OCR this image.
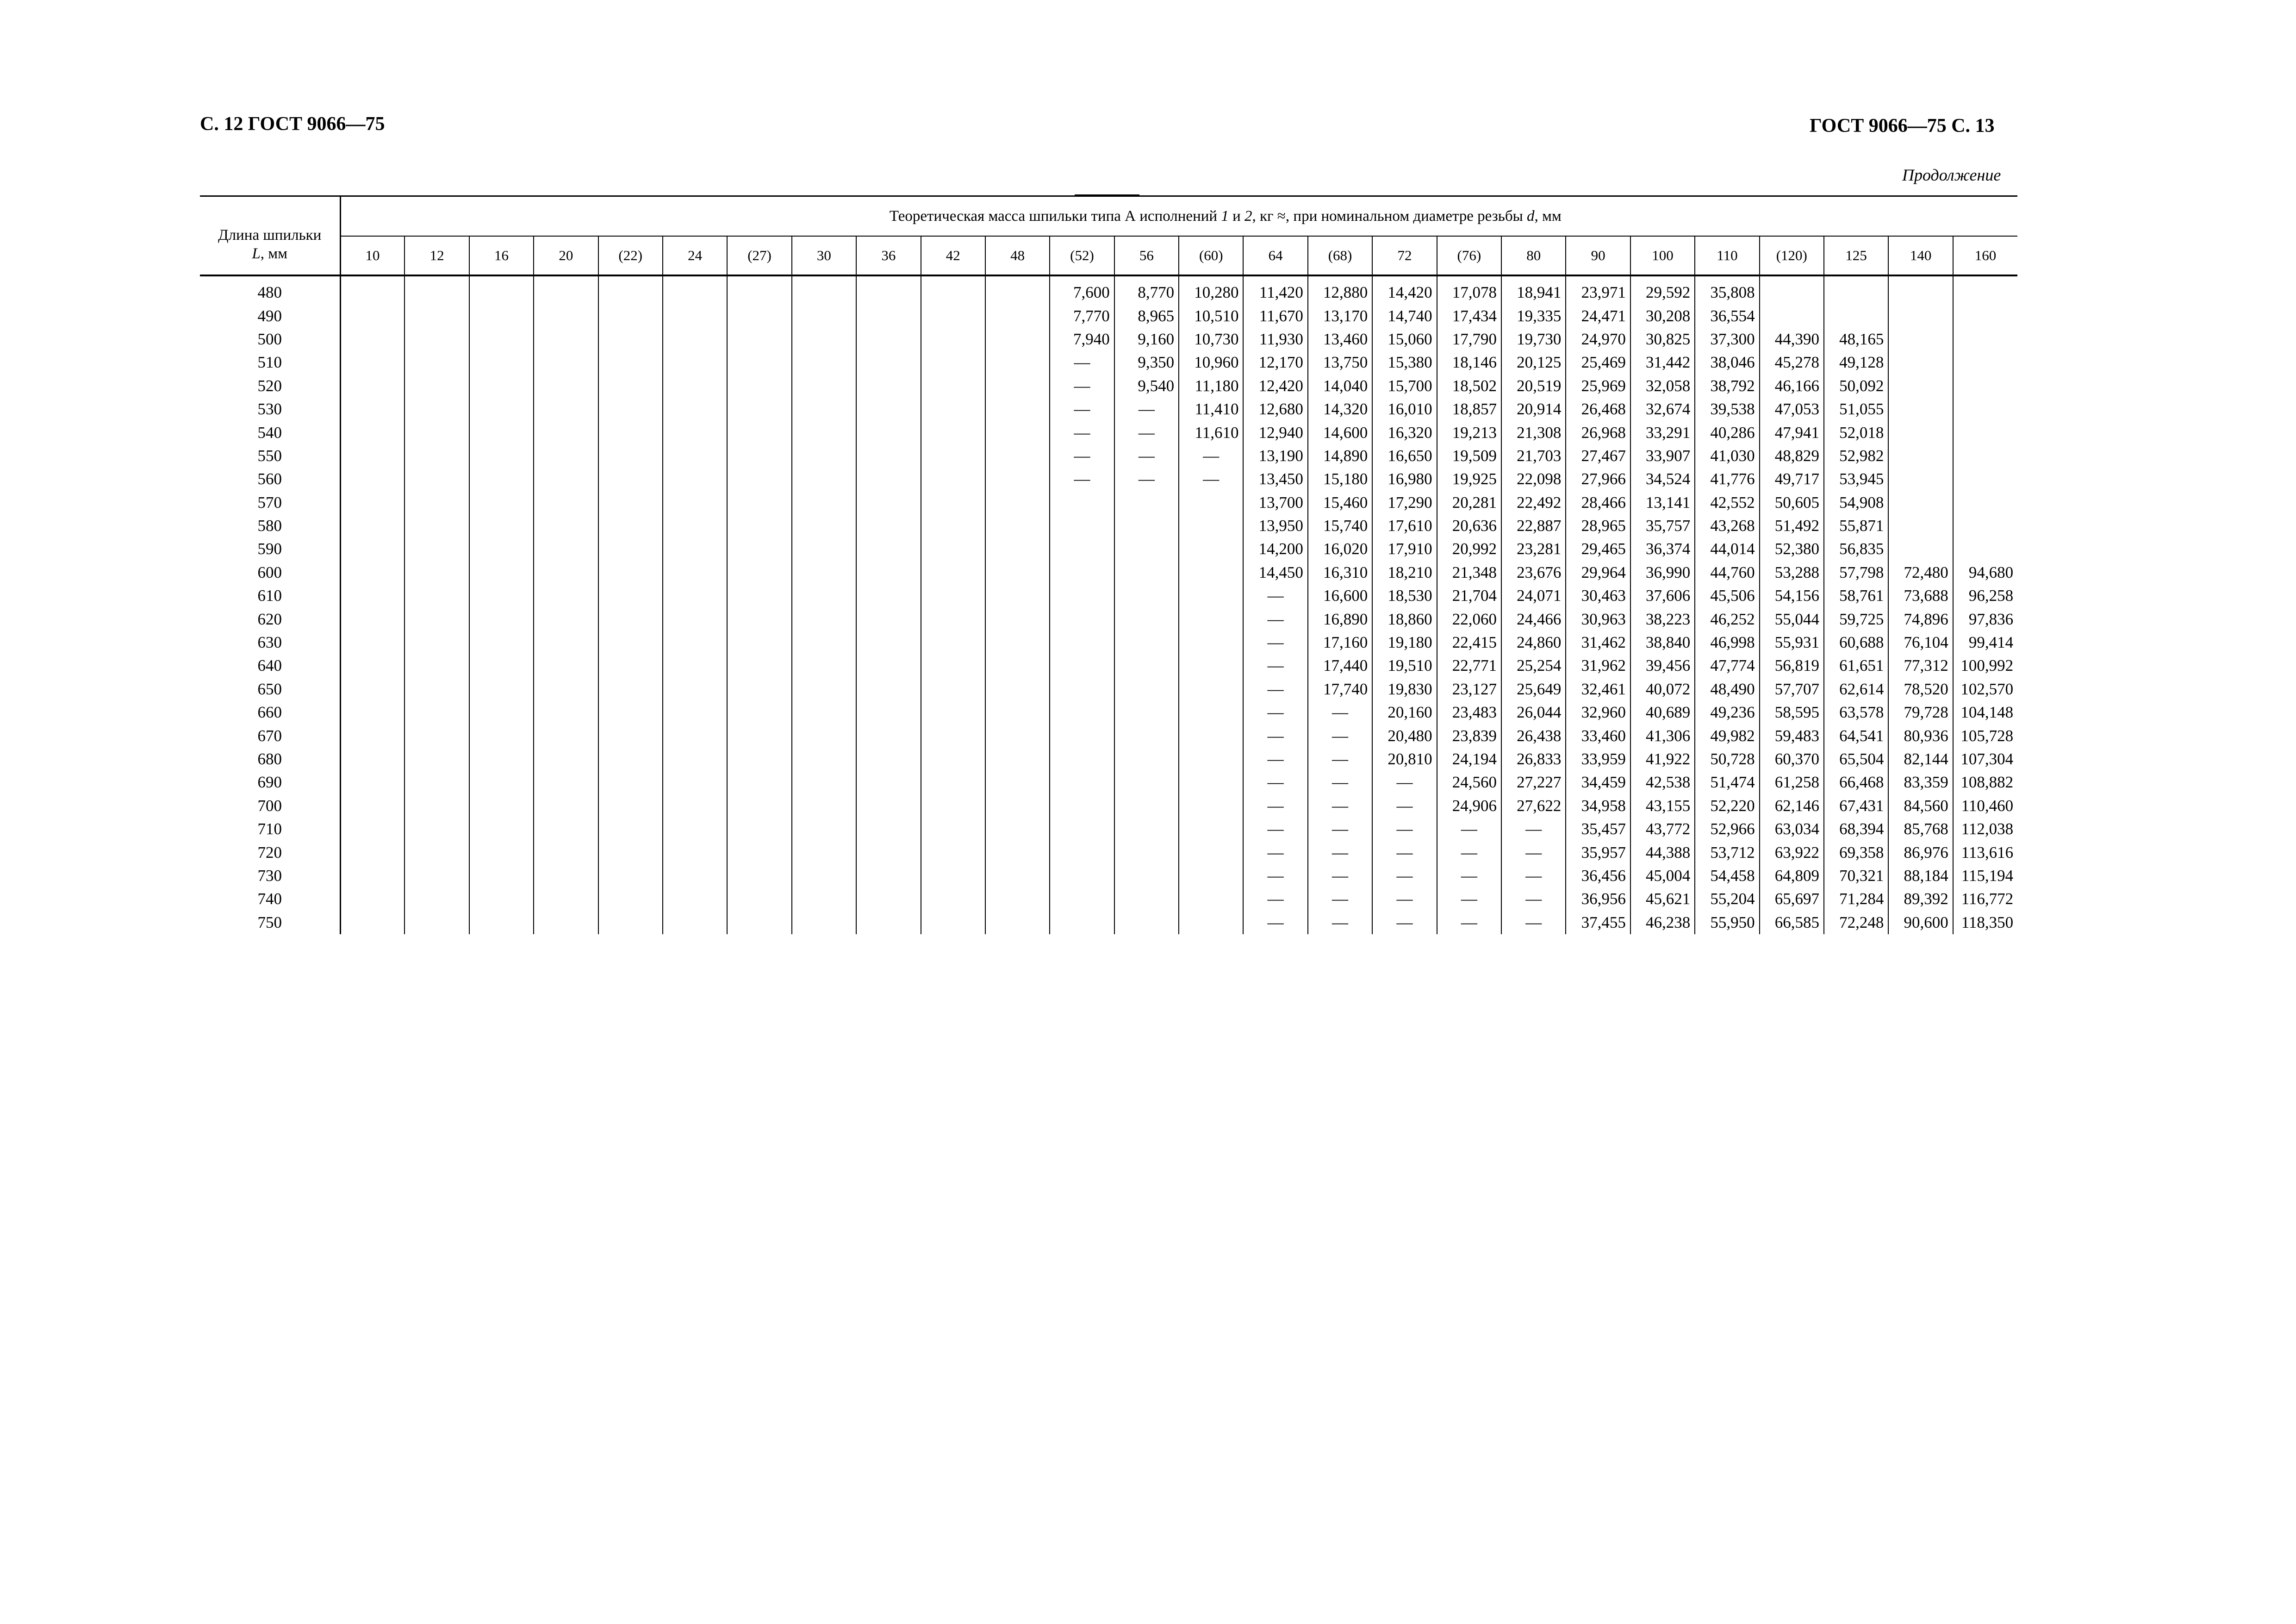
С. 12 ГОСТ 9066—75	ГОСТ 9066—75 С. 13
Продолжение
Длина шпильки
L, мм	Теоретическая масса шпильки типа А исполнений 1 и 2, кг ≈, при номинальном диаметре резьбы d, мм																									
	10	12	16	20	(22)	24	(27)	30	36	42	48	(52)	56	(60)	64	(68)	72	(76)	80	90	100	110	(120)	125	140	160
480												7,600	8,770	10,280	11,420	12,880	14,420	17,078	18,941	23,971	29,592	35,808				
490												7,770	8,965	10,510	11,670	13,170	14,740	17,434	19,335	24,471	30,208	36,554				
500												7,940	9,160	10,730	11,930	13,460	15,060	17,790	19,730	24,970	30,825	37,300	44,390	48,165		
510												—	9,350	10,960	12,170	13,750	15,380	18,146	20,125	25,469	31,442	38,046	45,278	49,128		
520												—	9,540	11,180	12,420	14,040	15,700	18,502	20,519	25,969	32,058	38,792	46,166	50,092		
530												—	—	11,410	12,680	14,320	16,010	18,857	20,914	26,468	32,674	39,538	47,053	51,055		
540												—	—	11,610	12,940	14,600	16,320	19,213	21,308	26,968	33,291	40,286	47,941	52,018		
550												—	—	—	13,190	14,890	16,650	19,509	21,703	27,467	33,907	41,030	48,829	52,982		
560												—	—	—	13,450	15,180	16,980	19,925	22,098	27,966	34,524	41,776	49,717	53,945		
570															13,700	15,460	17,290	20,281	22,492	28,466	13,141	42,552	50,605	54,908		
580															13,950	15,740	17,610	20,636	22,887	28,965	35,757	43,268	51,492	55,871		
590															14,200	16,020	17,910	20,992	23,281	29,465	36,374	44,014	52,380	56,835		
600															14,450	16,310	18,210	21,348	23,676	29,964	36,990	44,760	53,288	57,798	72,480	94,680
610															—	16,600	18,530	21,704	24,071	30,463	37,606	45,506	54,156	58,761	73,688	96,258
620															—	16,890	18,860	22,060	24,466	30,963	38,223	46,252	55,044	59,725	74,896	97,836
630															—	17,160	19,180	22,415	24,860	31,462	38,840	46,998	55,931	60,688	76,104	99,414
640															—	17,440	19,510	22,771	25,254	31,962	39,456	47,774	56,819	61,651	77,312	100,992
650															—	17,740	19,830	23,127	25,649	32,461	40,072	48,490	57,707	62,614	78,520	102,570
660															—	—	20,160	23,483	26,044	32,960	40,689	49,236	58,595	63,578	79,728	104,148
670															—	—	20,480	23,839	26,438	33,460	41,306	49,982	59,483	64,541	80,936	105,728
680															—	—	20,810	24,194	26,833	33,959	41,922	50,728	60,370	65,504	82,144	107,304
690															—	—	—	24,560	27,227	34,459	42,538	51,474	61,258	66,468	83,359	108,882
700															—	—	—	24,906	27,622	34,958	43,155	52,220	62,146	67,431	84,560	110,460
710															—	—	—	—	—	35,457	43,772	52,966	63,034	68,394	85,768	112,038
720															—	—	—	—	—	35,957	44,388	53,712	63,922	69,358	86,976	113,616
730															—	—	—	—	—	36,456	45,004	54,458	64,809	70,321	88,184	115,194
740															—	—	—	—	—	36,956	45,621	55,204	65,697	71,284	89,392	116,772
750															—	—	—	—	—	37,455	46,238	55,950	66,585	72,248	90,600	118,350
